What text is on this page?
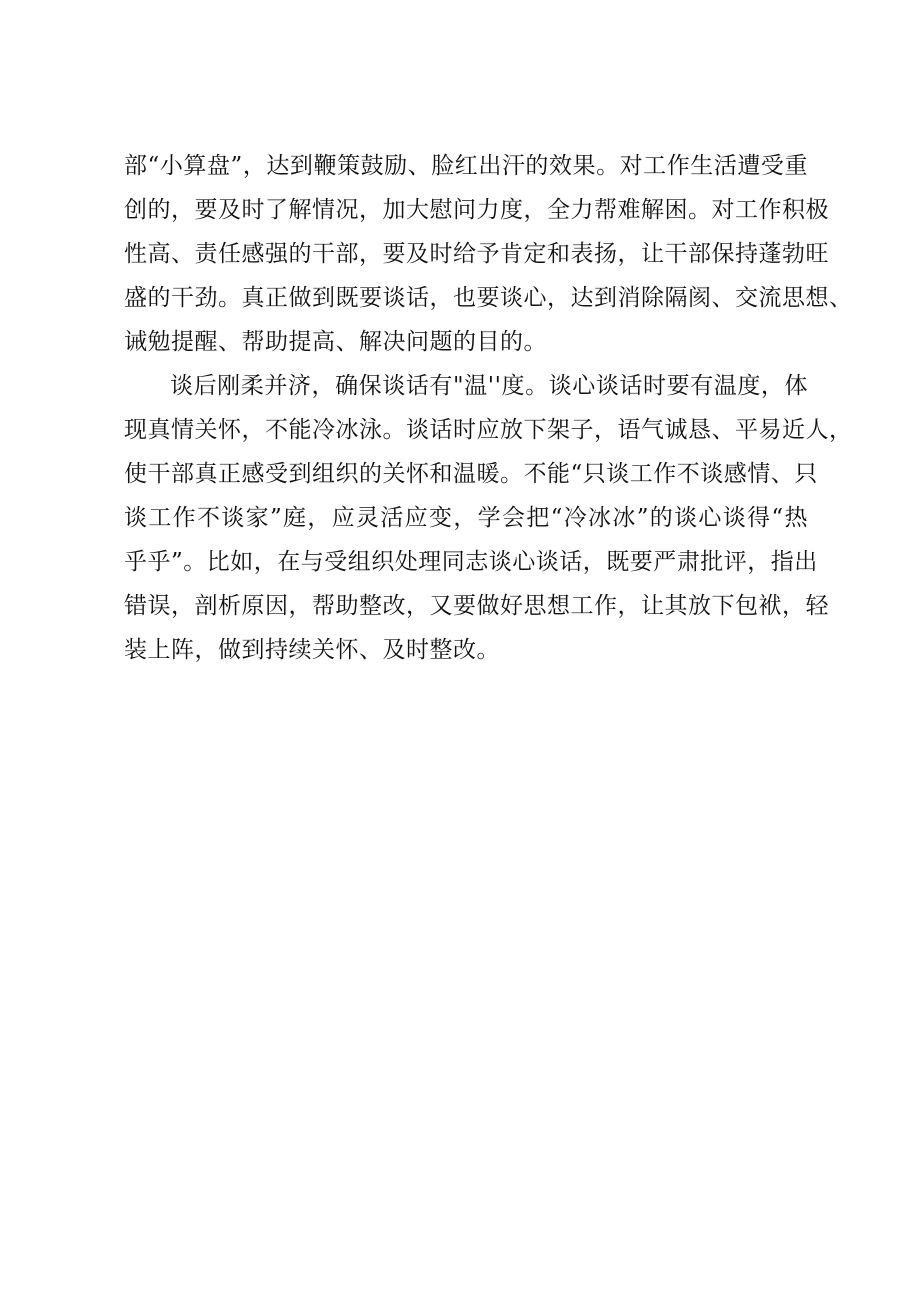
部“小算盘”，达到鞭策鼓励、脸红出汗的效果。对工作生活遭受重
创的，要及时了解情况，加大慰问力度，全力帮难解困。对工作积极
性高、责任感强的干部，要及时给予肯定和表扬，让干部保持蓬勃旺
盛的干劲。真正做到既要谈话，也要谈心，达到消除隔阂、交流思想、
诫勉提醒、帮助提高、解决问题的目的。
谈后刚柔并济，确保谈话有"温''度。谈心谈话时要有温度，体
现真情关怀，不能冷冰泳。谈话时应放下架子，语气诚恳、平易近人，
使干部真正感受到组织的关怀和温暖。不能“只谈工作不谈感情、只
谈工作不谈家”庭，应灵活应变，学会把“冷冰冰”的谈心谈得“热
乎乎”。比如，在与受组织处理同志谈心谈话，既要严肃批评，指出
错误，剖析原因，帮助整改，又要做好思想工作，让其放下包袱，轻
装上阵，做到持续关怀、及时整改。
